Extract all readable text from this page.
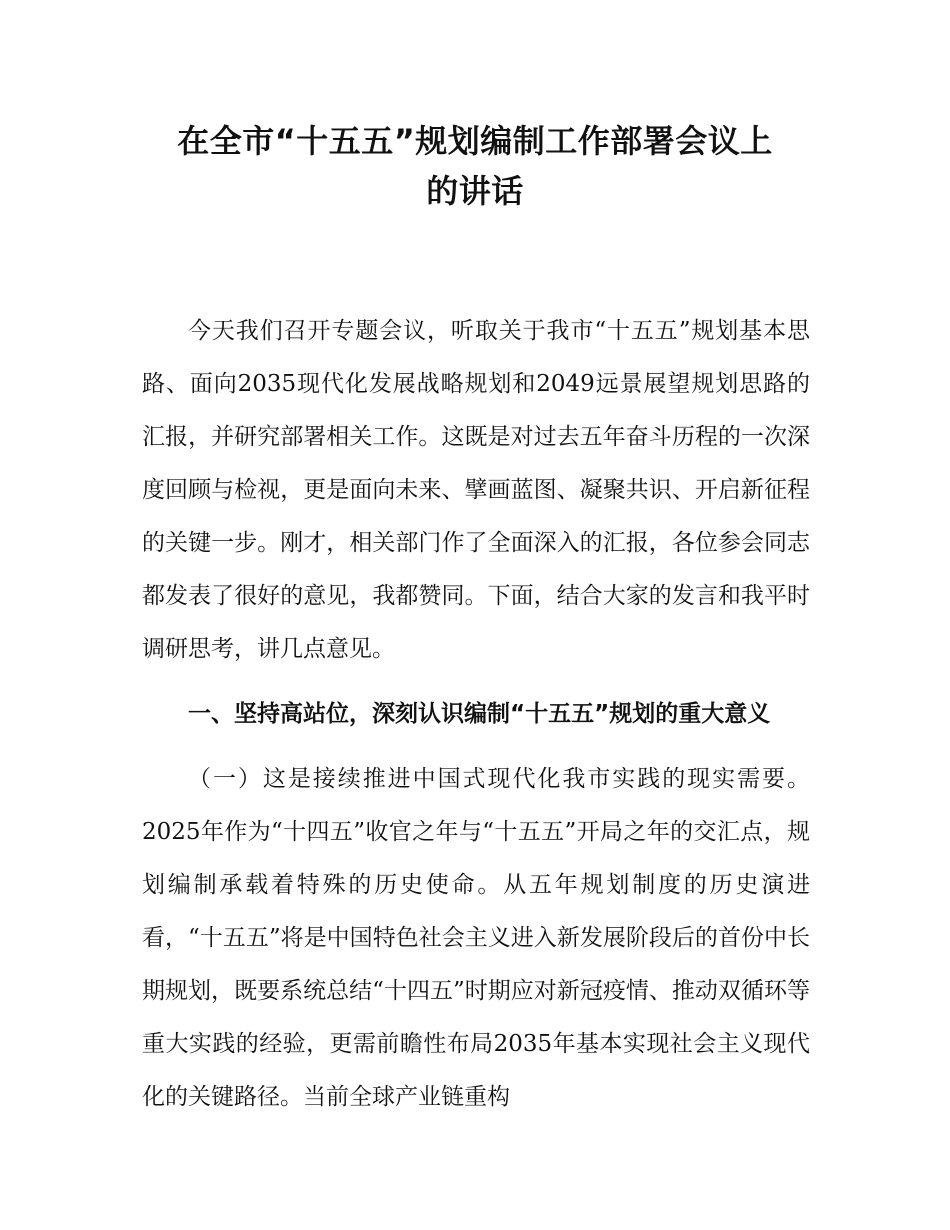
在全市“十五五”规划编制工作部署会议上
的讲话

今天我们召开专题会议，听取关于我市“十五五”规划基本思路、面向2035现代化发展战略规划和2049远景展望规划思路的汇报，并研究部署相关工作。这既是对过去五年奋斗历程的一次深度回顾与检视，更是面向未来、擘画蓝图、凝聚共识、开启新征程的关键一步。刚才，相关部门作了全面深入的汇报，各位参会同志都发表了很好的意见，我都赞同。下面，结合大家的发言和我平时调研思考，讲几点意见。

一、坚持高站位，深刻认识编制“十五五”规划的重大意义

（一）这是接续推进中国式现代化我市实践的现实需要。2025年作为“十四五”收官之年与“十五五”开局之年的交汇点，规划编制承载着特殊的历史使命。从五年规划制度的历史演进看，“十五五”将是中国特色社会主义进入新发展阶段后的首份中长期规划，既要系统总结“十四五”时期应对新冠疫情、推动双循环等重大实践的经验，更需前瞻性布局2035年基本实现社会主义现代化的关键路径。当前全球产业链重构
